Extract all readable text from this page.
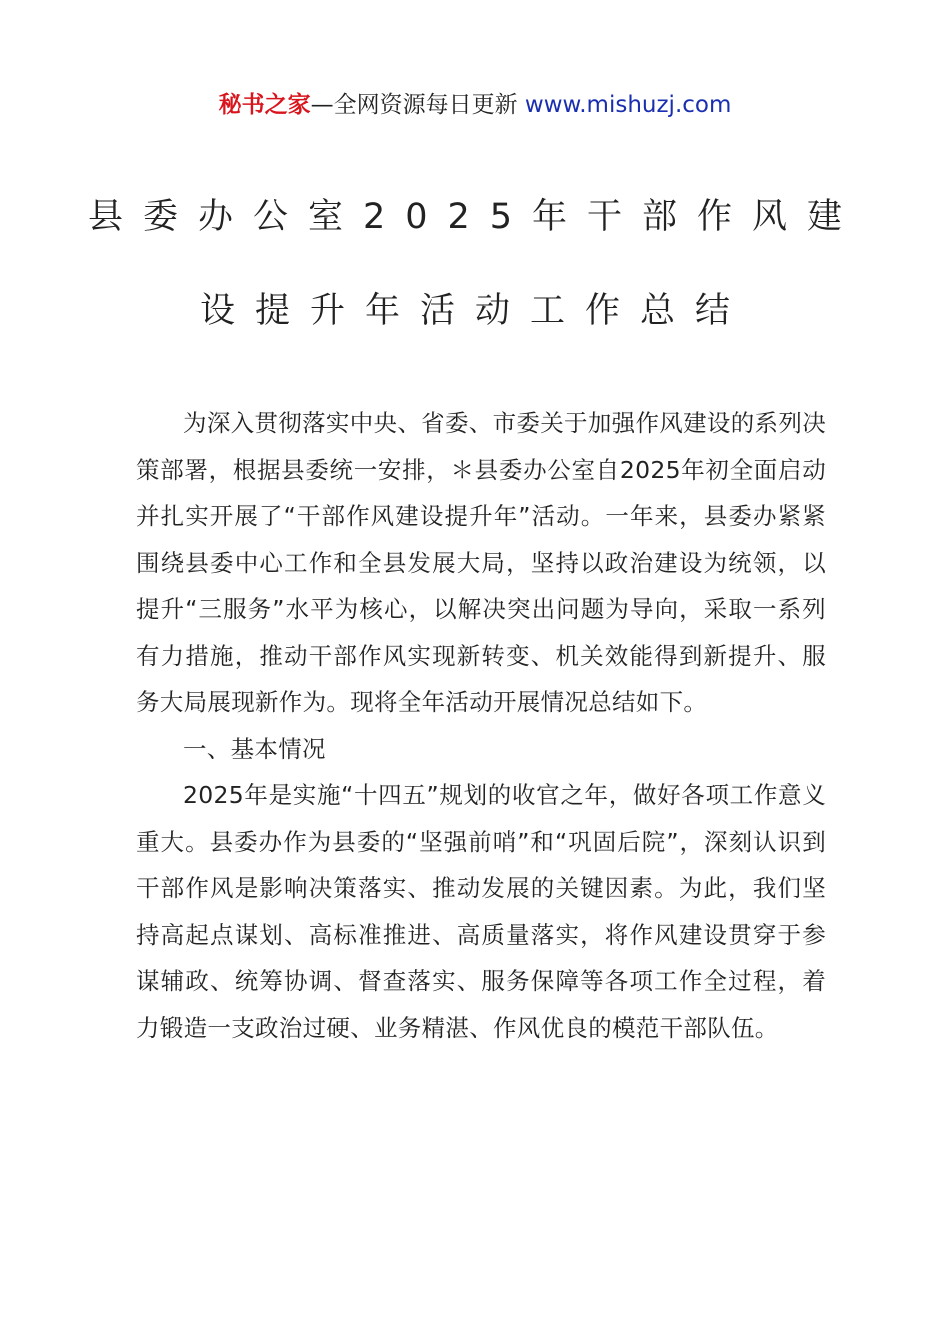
秘书之家—全网资源每日更新 www.mishuzj.com
县委办公室2025年干部作风建
设提升年活动工作总结

为深入贯彻落实中央、省委、市委关于加强作风建设的系列决策部署，根据县委统一安排，＊县委办公室自2025年初全面启动并扎实开展了“干部作风建设提升年”活动。一年来，县委办紧紧围绕县委中心工作和全县发展大局，坚持以政治建设为统领，以提升“三服务”水平为核心，以解决突出问题为导向，采取一系列有力措施，推动干部作风实现新转变、机关效能得到新提升、服务大局展现新作为。现将全年活动开展情况总结如下。

一、基本情况

2025年是实施“十四五”规划的收官之年，做好各项工作意义重大。县委办作为县委的“坚强前哨”和“巩固后院”，深刻认识到干部作风是影响决策落实、推动发展的关键因素。为此，我们坚持高起点谋划、高标准推进、高质量落实，将作风建设贯穿于参谋辅政、统筹协调、督查落实、服务保障等各项工作全过程，着力锻造一支政治过硬、业务精湛、作风优良的模范干部队伍。
